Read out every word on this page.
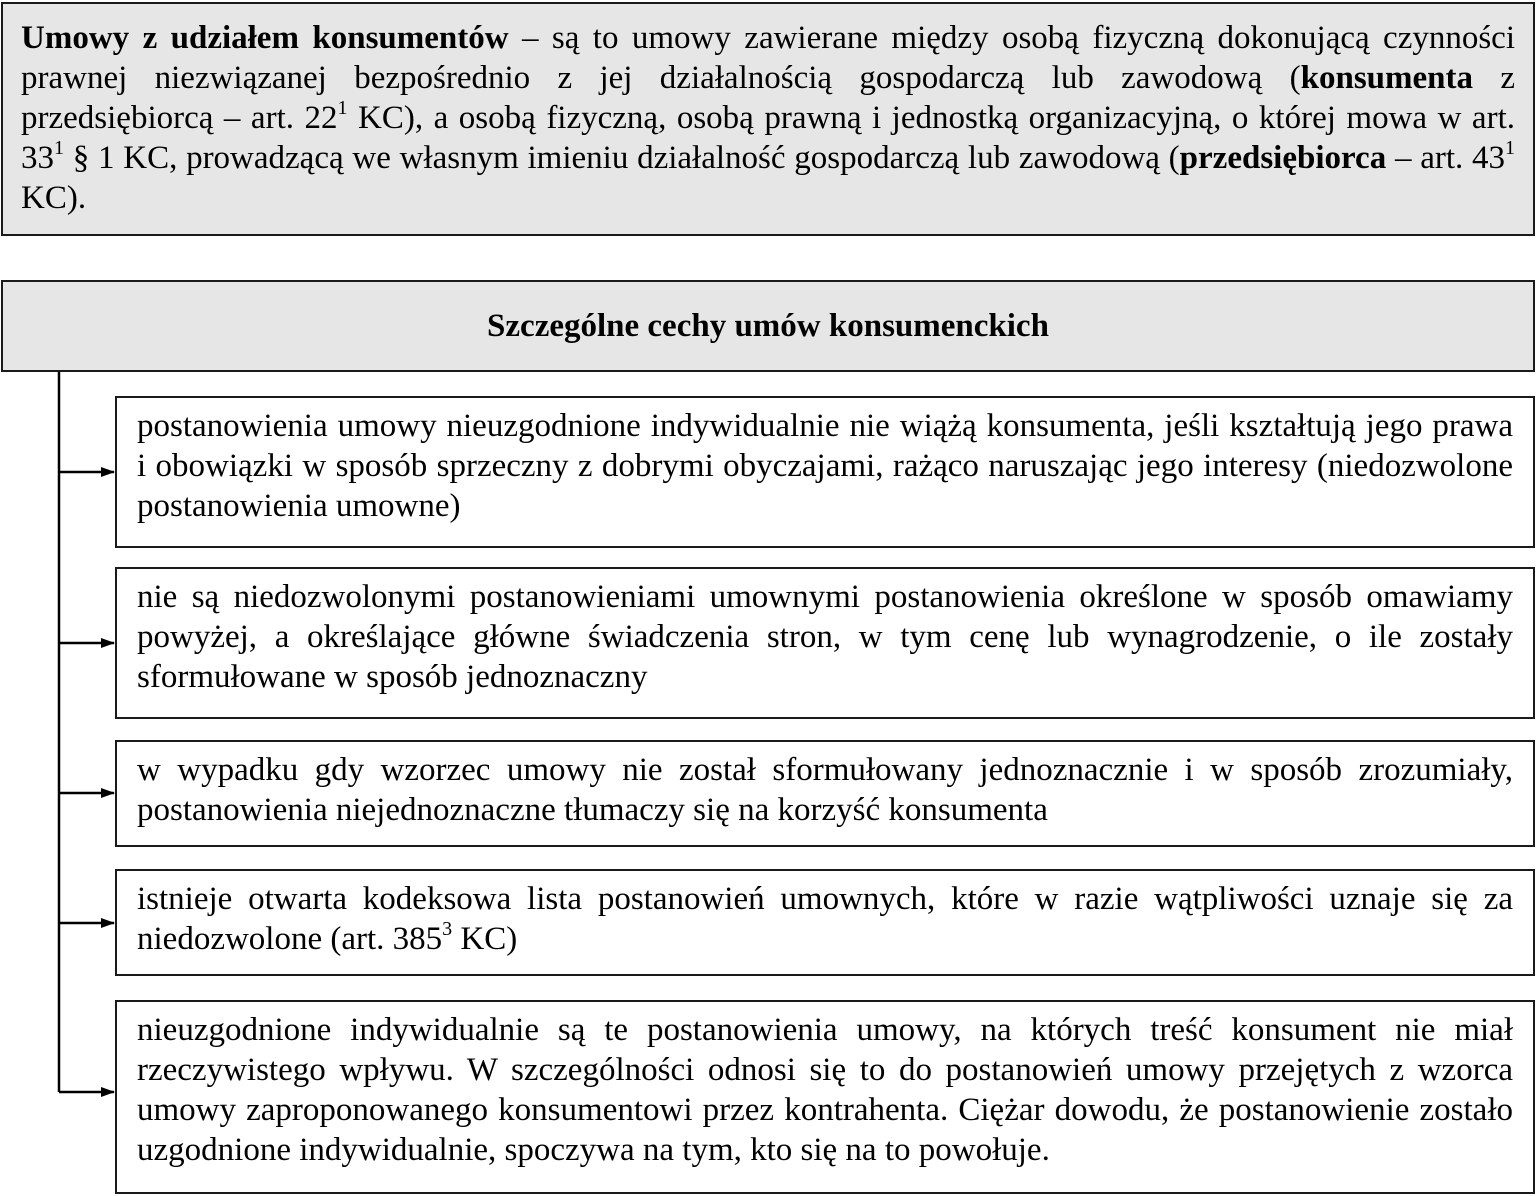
Umowy z udziałem konsumentów – są to umowy zawierane między osobą fizyczną dokonującą czynności prawnej niezwiązanej bezpośrednio z jej działalnością gospodarczą lub zawodową (konsumenta z przedsiębiorcą – art. $22^1$ KC), a osobą fizyczną, osobą prawną i jednostką organizacyjną, o której mowa w art. $33^1$ § 1 KC, prowadzącą we własnym imieniu działalność gospodarczą lub zawodową (przedsiębiorca – art. $43^1$ KC).
Szczególne cechy umów konsumenckich

postanowienia umowy nieuzgodnione indywidualnie nie wiążą konsumenta, jeśli kształtują jego prawa i obowiązki w sposób sprzeczny z dobrymi obyczajami, rażąco naruszając jego interesy (niedozwolone postanowienia umowne)

nie są niedozwolonymi postanowieniami umownymi postanowienia określone w sposób omawiamy powyżej, a określające główne świadczenia stron, w tym cenę lub wynagrodzenie, o ile zostały sformułowane w sposób jednoznaczny

w wypadku gdy wzorzec umowy nie został sformułowany jednoznacznie i w sposób zrozumiały, postanowienia niejednoznaczne tłumaczy się na korzyść konsumenta

istnieje otwarta kodeksowa lista postanowień umownych, które w razie wątpliwości uznaje się za niedozwolone (art. $385^3$ KC)

nieuzgodnione indywidualnie są te postanowienia umowy, na których treść konsument nie miał rzeczywistego wpływu. W szczególności odnosi się to do postanowień umowy przejętych z wzorca umowy zaproponowanego konsumentowi przez kontrahenta. Ciężar dowodu, że postanowienie zostało uzgodnione indywidualnie, spoczywa na tym, kto się na to powołuje.
